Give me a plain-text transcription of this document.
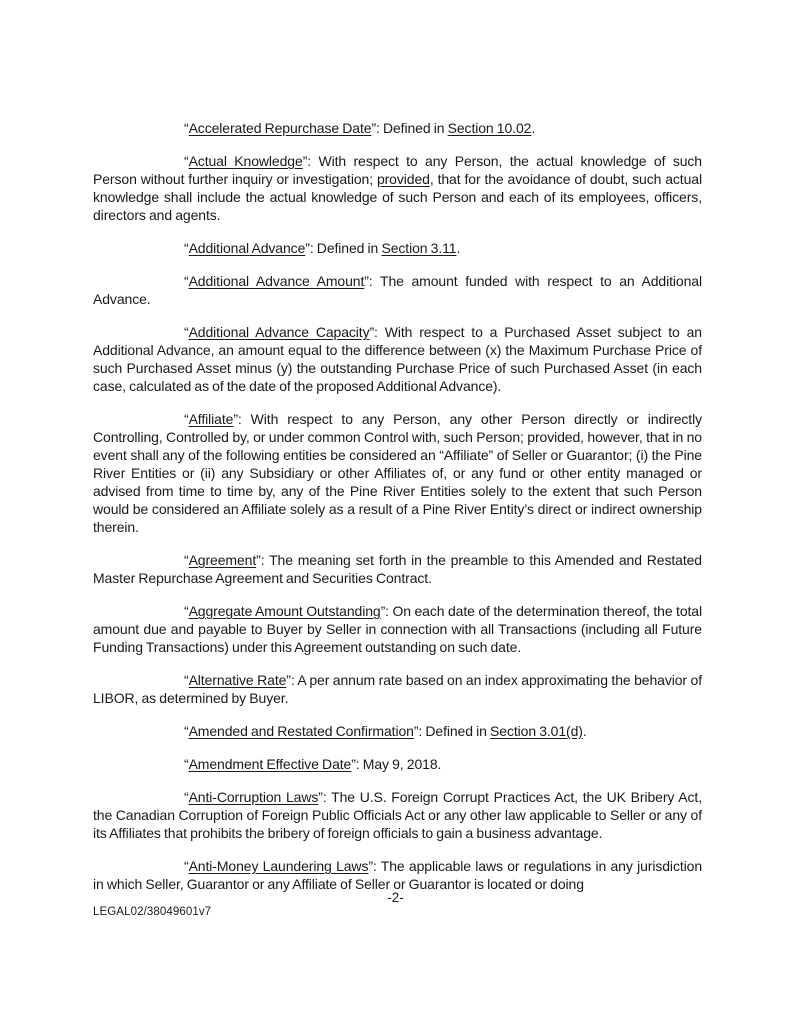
“Accelerated Repurchase Date”: Defined in Section 10.02.

“Actual Knowledge”: With respect to any Person, the actual knowledge of such Person without further inquiry or investigation; provided, that for the avoidance of doubt, such actual knowledge shall include the actual knowledge of such Person and each of its employees, officers, directors and agents.

“Additional Advance”: Defined in Section 3.11.

“Additional Advance Amount”: The amount funded with respect to an Additional Advance.

“Additional Advance Capacity”: With respect to a Purchased Asset subject to an Additional Advance, an amount equal to the difference between (x) the Maximum Purchase Price of such Purchased Asset minus (y) the outstanding Purchase Price of such Purchased Asset (in each case, calculated as of the date of the proposed Additional Advance).

“Affiliate”: With respect to any Person, any other Person directly or indirectly Controlling, Controlled by, or under common Control with, such Person; provided, however, that in no event shall any of the following entities be considered an “Affiliate” of Seller or Guarantor; (i) the Pine River Entities or (ii) any Subsidiary or other Affiliates of, or any fund or other entity managed or advised from time to time by, any of the Pine River Entities solely to the extent that such Person would be considered an Affiliate solely as a result of a Pine River Entity’s direct or indirect ownership therein.

“Agreement”: The meaning set forth in the preamble to this Amended and Restated Master Repurchase Agreement and Securities Contract.

“Aggregate Amount Outstanding”: On each date of the determination thereof, the total amount due and payable to Buyer by Seller in connection with all Transactions (including all Future Funding Transactions) under this Agreement outstanding on such date.

“Alternative Rate”: A per annum rate based on an index approximating the behavior of LIBOR, as determined by Buyer.

“Amended and Restated Confirmation”: Defined in Section 3.01(d).

“Amendment Effective Date”: May 9, 2018.

“Anti-Corruption Laws”: The U.S. Foreign Corrupt Practices Act, the UK Bribery Act, the Canadian Corruption of Foreign Public Officials Act or any other law applicable to Seller or any of its Affiliates that prohibits the bribery of foreign officials to gain a business advantage.

“Anti-Money Laundering Laws”: The applicable laws or regulations in any jurisdiction in which Seller, Guarantor or any Affiliate of Seller or Guarantor is located or doing

-2-
LEGAL02/38049601v7
